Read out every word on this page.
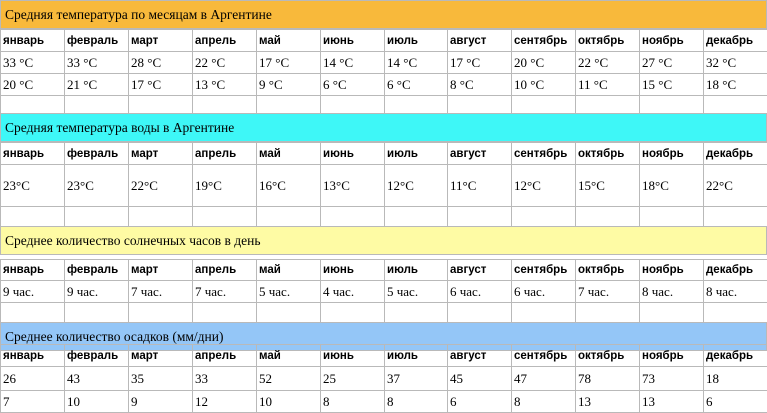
Средняя температура по месяцам в Аргентине
январь	февраль	март	апрель	май	июнь	июль	август	сентябрь	октябрь	ноябрь	декабрь
33 °C	33 °C	28 °C	22 °C	17 °C	14 °C	14 °C	17 °C	20 °C	22 °C	27 °C	32 °C
20 °C	21 °C	17 °C	13 °C	9 °C	6 °C	6 °C	8 °C	10 °C	11 °C	15 °C	18 °C

Средняя температура воды в Аргентине
январь	февраль	март	апрель	май	июнь	июль	август	сентябрь	октябрь	ноябрь	декабрь
23°C	23°C	22°C	19°C	16°C	13°C	12°C	11°C	12°C	15°C	18°C	22°C

Среднее количество солнечных часов в день
январь	февраль	март	апрель	май	июнь	июль	август	сентябрь	октябрь	ноябрь	декабрь
9 час.	9 час.	7 час.	7 час.	5 час.	4 час.	5 час.	6 час.	6 час.	7 час.	8 час.	8 час.

Среднее количество осадков (мм/дни)
январь	февраль	март	апрель	май	июнь	июль	август	сентябрь	октябрь	ноябрь	декабрь
26	43	35	33	52	25	37	45	47	78	73	18
7	10	9	12	10	8	8	6	8	13	13	6
